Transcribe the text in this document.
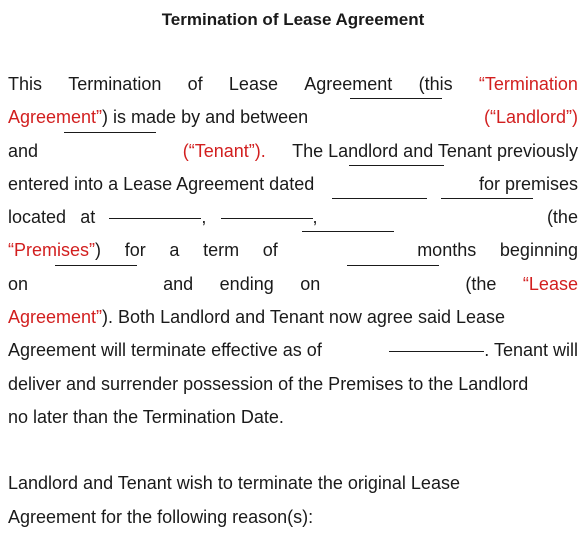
Termination of Lease Agreement
This Termination of Lease Agreement (this “Termination
Agreement”) is made by and between	(“Landlord”)
and	(“Tenant”). The Landlord and Tenant previously
entered into a Lease Agreement dated	for premises
located at	,	,	(the
“Premises”) for a term of	months beginning
on	and ending on	(the “Lease
Agreement”). Both Landlord and Tenant now agree said Lease
Agreement will terminate effective as of	. Tenant will
deliver and surrender possession of the Premises to the Landlord
no later than the Termination Date.
Landlord and Tenant wish to terminate the original Lease
Agreement for the following reason(s):
